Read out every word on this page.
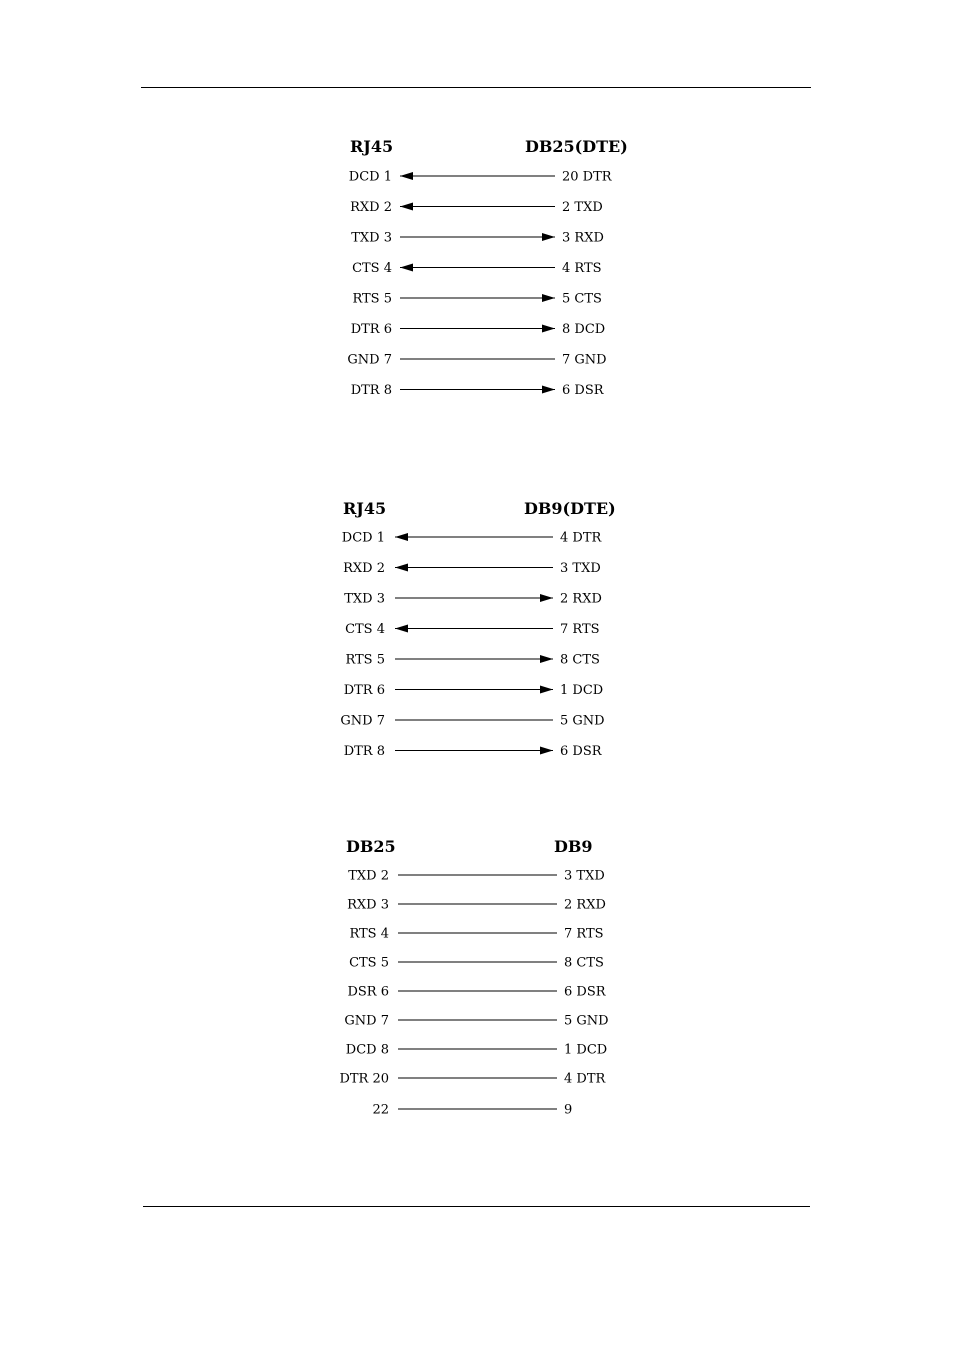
RJ45	DB25(DTE)
DCD 1	20 DTR
RXD 2	2 TXD
TXD 3	3 RXD
CTS 4	4 RTS
RTS 5	5 CTS
DTR 6	8 DCD
GND 7	7 GND
DTR 8	6 DSR
RJ45	DB9(DTE)
DCD 1	4 DTR
RXD 2	3 TXD
TXD 3	2 RXD
CTS 4	7 RTS
RTS 5	8 CTS
DTR 6	1 DCD
GND 7	5 GND
DTR 8	6 DSR
DB25	DB9
TXD 2	3 TXD
RXD 3	2 RXD
RTS 4	7 RTS
CTS 5	8 CTS
DSR 6	6 DSR
GND 7	5 GND
DCD 8	1 DCD
DTR 20	4 DTR
22	9
